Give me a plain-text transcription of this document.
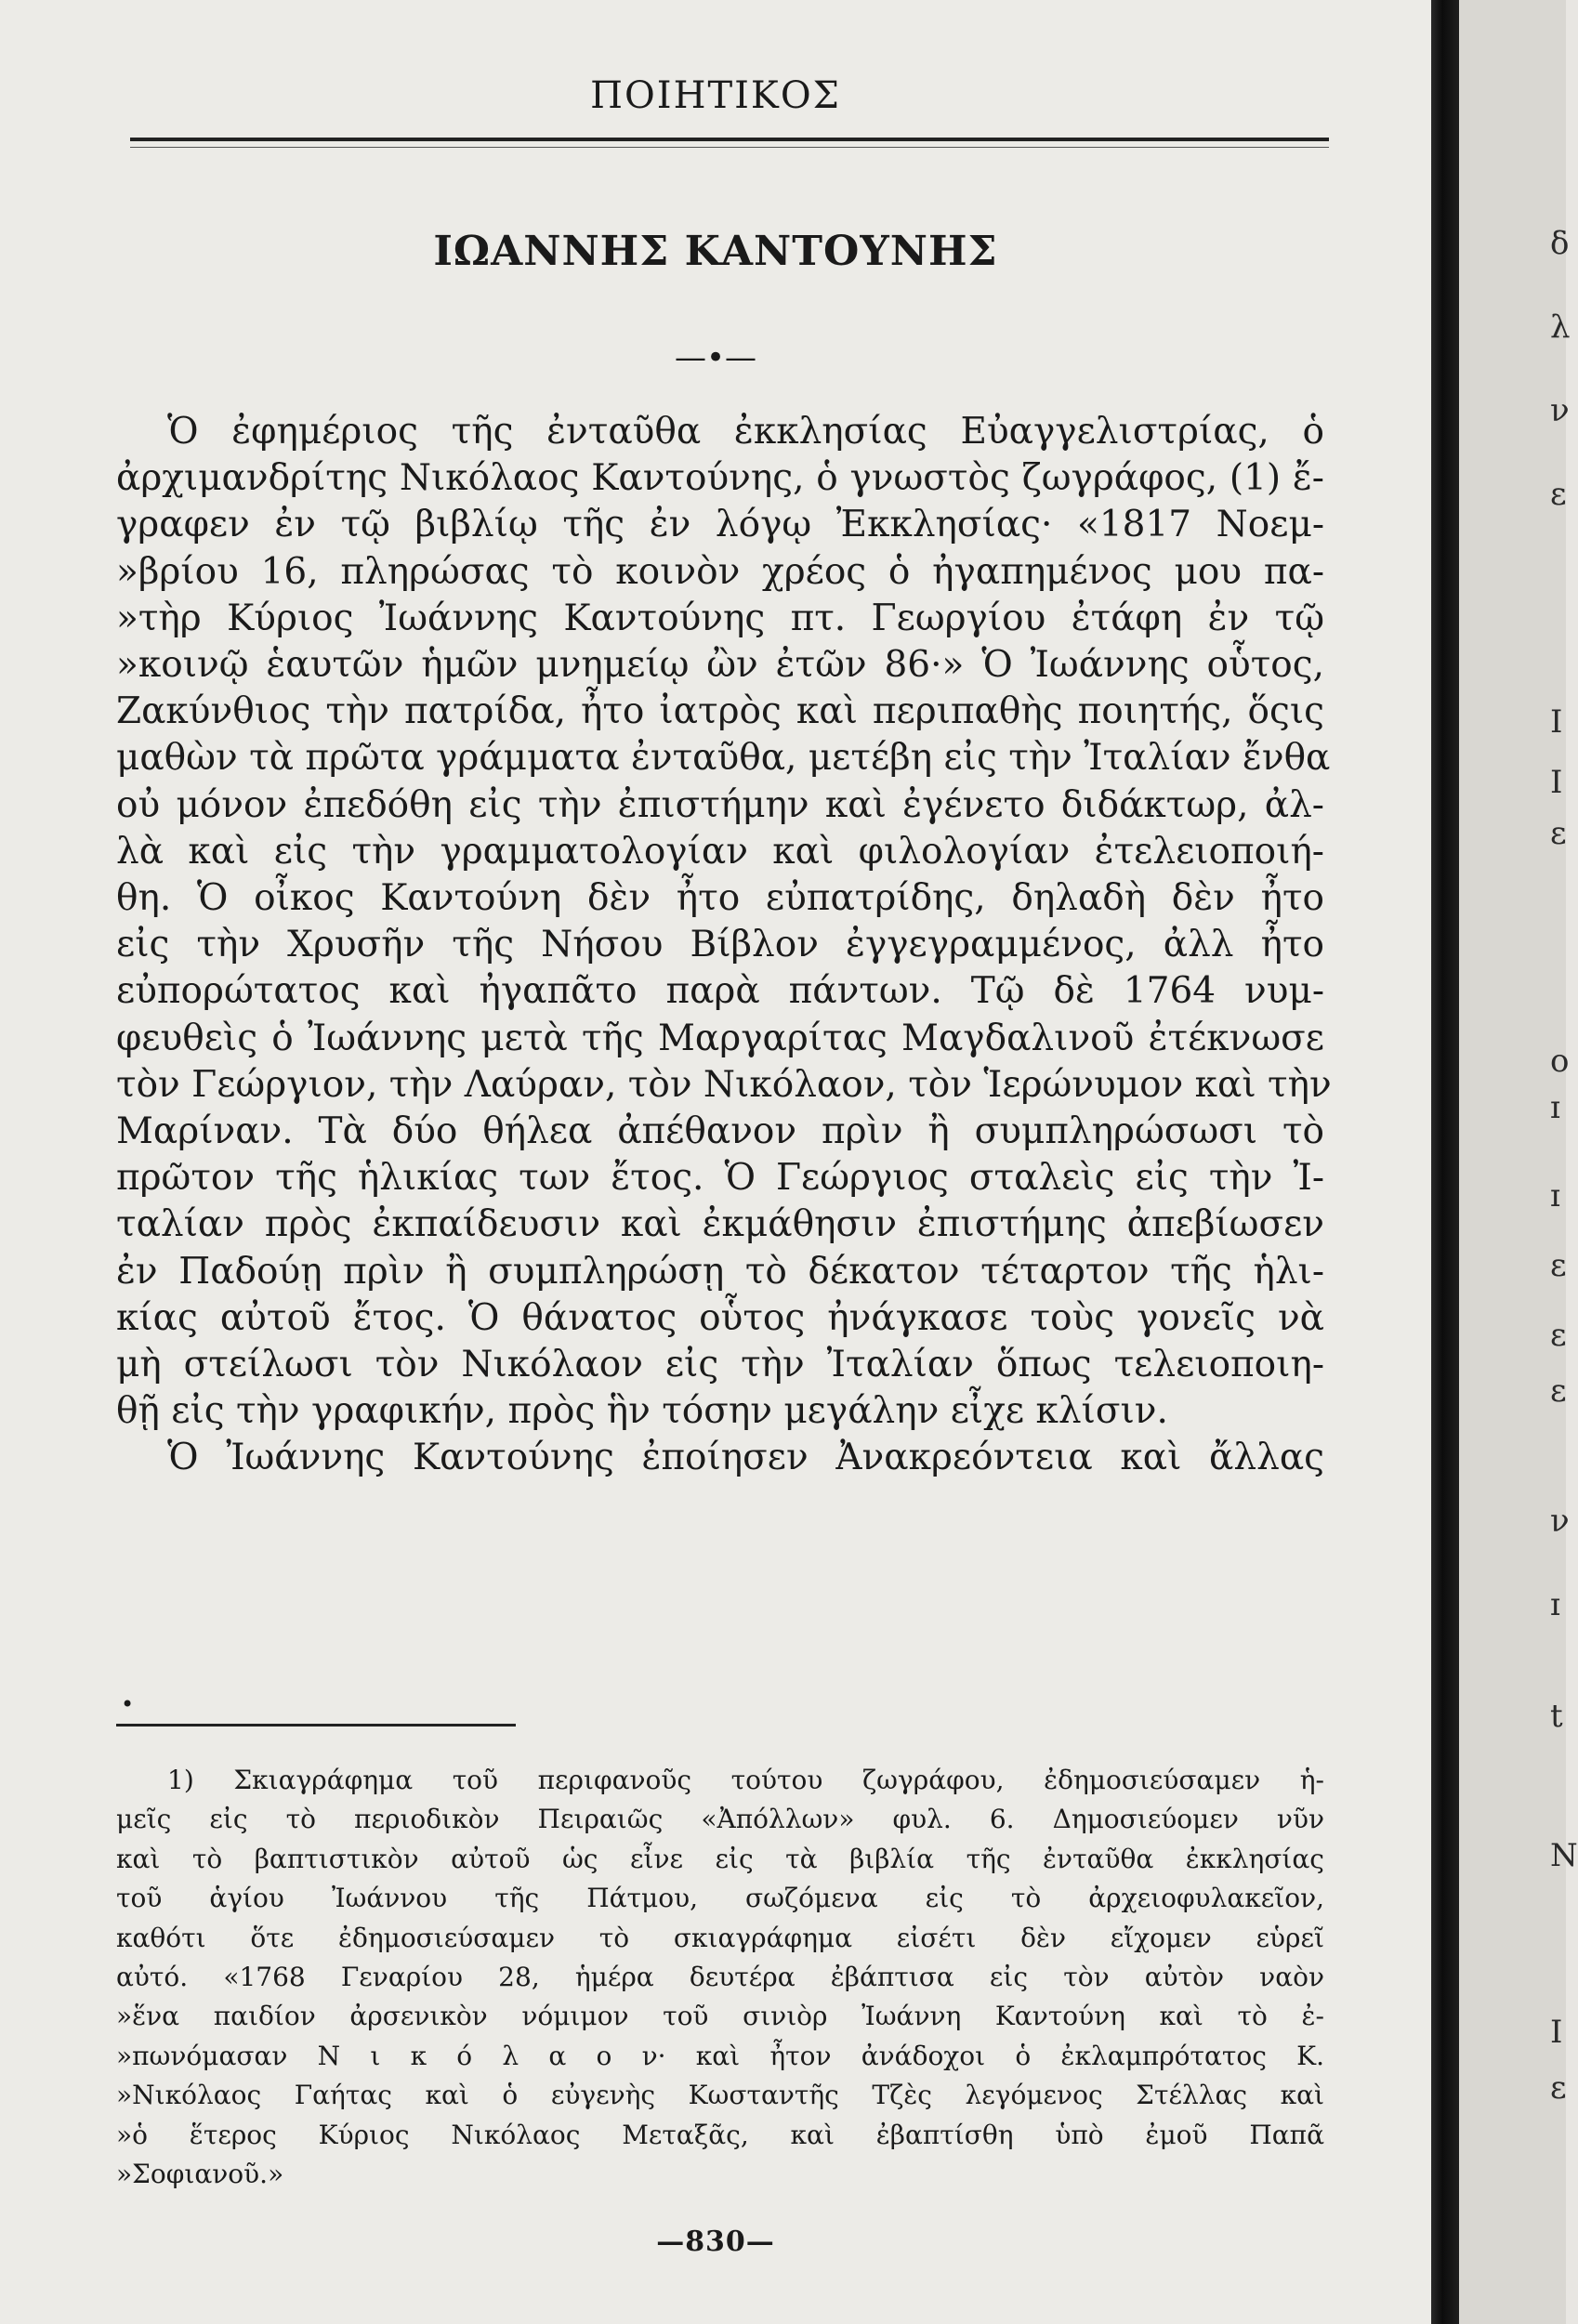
ΠΟΙΗΤΙΚΟΣ
ΙΩΑΝΝΗΣ ΚΑΝΤΟΥΝΗΣ
—•—
Ὁ ἐφημέριος τῆς ἐνταῦθα ἐκκλησίας Εὐαγγελιστρίας, ὁ
ἀρχιμανδρίτης Νικόλαος Καντούνης, ὁ γνωστὸς ζωγράφος, (1) ἔ-
γραφεν ἐν τῷ βιβλίῳ τῆς ἐν λόγῳ Ἐκκλησίας· «1817 Νοεμ-
»βρίου 16, πληρώσας τὸ κοινὸν χρέος ὁ ἠγαπημένος μου πα-
»τὴρ Κύριος Ἰωάννης Καντούνης πτ. Γεωργίου ἐτάφη ἐν τῷ
»κοινῷ ἑαυτῶν ἡμῶν μνημείῳ ὢν ἐτῶν 86·» Ὁ Ἰωάννης οὗτος,
Ζακύνθιος τὴν πατρίδα, ἦτο ἰατρὸς καὶ περιπαθὴς ποιητής, ὅςις
μαθὼν τὰ πρῶτα γράμματα ἐνταῦθα, μετέβη εἰς τὴν Ἰταλίαν ἔνθα
οὐ μόνον ἐπεδόθη εἰς τὴν ἐπιστήμην καὶ ἐγένετο διδάκτωρ, ἀλ-
λὰ καὶ εἰς τὴν γραμματολογίαν καὶ φιλολογίαν ἐτελειοποιή-
θη. Ὁ οἶκος Καντούνη δὲν ἦτο εὐπατρίδης, δηλαδὴ δὲν ἦτο
εἰς τὴν Χρυσῆν τῆς Νήσου Βίβλον ἐγγεγραμμένος, ἀλλ ἦτο
εὐπορώτατος καὶ ἠγαπᾶτο παρὰ πάντων. Τῷ δὲ 1764 νυμ-
φευθεὶς ὁ Ἰωάννης μετὰ τῆς Μαργαρίτας Μαγδαλινοῦ ἐτέκνωσε
τὸν Γεώργιον, τὴν Λαύραν, τὸν Νικόλαον, τὸν Ἱερώνυμον καὶ τὴν
Μαρίναν. Τὰ δύο θήλεα ἀπέθανον πρὶν ἢ συμπληρώσωσι τὸ
πρῶτον τῆς ἡλικίας των ἔτος. Ὁ Γεώργιος σταλεὶς εἰς τὴν Ἰ-
ταλίαν πρὸς ἐκπαίδευσιν καὶ ἐκμάθησιν ἐπιστήμης ἀπεβίωσεν
ἐν Παδούῃ πρὶν ἢ συμπληρώσῃ τὸ δέκατον τέταρτον τῆς ἡλι-
κίας αὐτοῦ ἔτος. Ὁ θάνατος οὗτος ἠνάγκασε τοὺς γονεῖς νὰ
μὴ στείλωσι τὸν Νικόλαον εἰς τὴν Ἰταλίαν ὅπως τελειοποιη-
θῇ εἰς τὴν γραφικήν, πρὸς ἣν τόσην μεγάλην εἶχε κλίσιν.
Ὁ Ἰωάννης Καντούνης ἐποίησεν Ἀνακρεόντεια καὶ ἄλλας
•
1) Σκιαγράφημα τοῦ περιφανοῦς τούτου ζωγράφου, ἐδημοσιεύσαμεν ἡ-
μεῖς εἰς τὸ περιοδικὸν Πειραιῶς «Ἀπόλλων» φυλ. 6. Δημοσιεύομεν νῦν
καὶ τὸ βαπτιστικὸν αὐτοῦ ὡς εἶνε εἰς τὰ βιβλία τῆς ἐνταῦθα ἐκκλησίας
τοῦ ἁγίου Ἰωάννου τῆς Πάτμου, σωζόμενα εἰς τὸ ἀρχειοφυλακεῖον,
καθότι ὅτε ἐδημοσιεύσαμεν τὸ σκιαγράφημα εἰσέτι δὲν εἴχομεν εὑρεῖ
αὐτό. «1768 Γεναρίου 28, ἡμέρα δευτέρα ἐβάπτισα εἰς τὸν αὐτὸν ναὸν
»ἕνα παιδίον ἀρσενικὸν νόμιμον τοῦ σινιὸρ Ἰωάννη Καντούνη καὶ τὸ ἐ-
»πωνόμασαν Ν ι κ ό λ α ο ν· καὶ ἦτον ἀνάδοχοι ὁ ἐκλαμπρότατος Κ.
»Νικόλαος Γαήτας καὶ ὁ εὐγενὴς Κωσταντῆς Τζὲς λεγόμενος Στέλλας καὶ
»ὁ ἕτερος Κύριος Νικόλαος Μεταξᾶς, καὶ ἐβαπτίσθη ὑπὸ ἐμοῦ Παπᾶ
»Σοφιανοῦ.»
—830—
δ
λ
ν
ε
Ι
Ι
ε
ο
ɪ
ɪ
ε
ε
ε
ν
ɪ
t
Ν
Ι
ε
